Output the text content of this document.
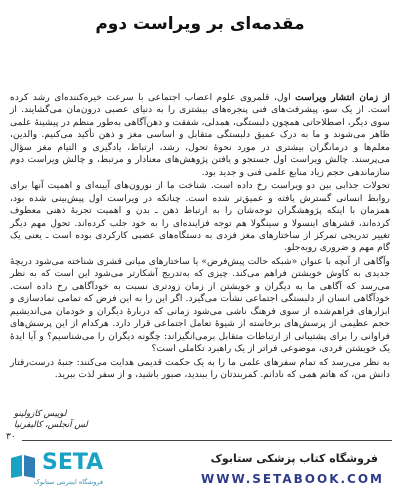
مقدمه‌ای بر ویراست دوم

از زمان انتشار ویراست اول، قلمروی علوم اعصاب اجتماعی با سرعت خیره‌کننده‌ای رشد کرده است. از یک سو، پیشرفت‌های فنی پنجره‌های بیشتری را به دنیای عصبی درون‌مان می‌گشایند. از سوی دیگر، اصطلاحاتی همچون دلبستگی، همدلی، شفقت و ذهن‌آگاهی به‌طور منظم در پیشینهٔ علمی ظاهر می‌شوند و ما به درک عمیق دلبستگی متقابل و اساسی مغز و ذهن تأکید می‌کنیم. والدین، معلم‌ها و درمانگران بیشتری در مورد نحوهٔ تحول، رشد، ارتباط، یادگیری و التیام مغز سؤال می‌پرسند. چالش ویراست اول جستجو و یافتن پژوهش‌های معنادار و مرتبط، و چالش ویراست دوم سازماندهی حجم زیاد منابع علمی فنی و جدید بود.

تحولات جذابی بین دو ویراست رخ داده است. شناخت ما از نورون‌های آیینه‌ای و اهمیت آنها برای روابط انسانی گسترش یافته و عمیق‌تر شده است. چنانکه در ویراست اول پیش‌بینی شده بود، همزمان با اینکه پژوهشگران توجه‌شان را به ارتباط ذهن ـ بدن و اهمیت تجربهٔ ذهنی معطوف کرده‌اند، قشرهای اینسولا و سینگولا هم توجه فزاینده‌ای را به خود جلب کرده‌اند. تحول مهم دیگر تغییر تدریجی تمرکز از ساختارهای مغز فردی به دستگاه‌های عصبی کارکردی بوده است ـ یعنی یک گام مهم و ضروری روبه‌جلو.

وآگاهی از آنچه با عنوان «شبکه حالت پیش‌فرض» یا ساختارهای میانی قشری شناخته می‌شود دریچهٔ جدیدی به کاوش خویشتن فراهم می‌کند. چیزی که به‌تدریج آشکارتر می‌شود این است که به نظر می‌رسد که آگاهی ما به دیگران و خویشتن از زمان زودتری نسبت به خودآگاهی رخ داده است. خودآگاهی انسان از دلبستگی اجتماعی نشأت می‌گیرد. اگر این را به این فرض که تمامی نمادسازی و ابزارهای فراهم‌شده از سوی فرهنگ ناشی می‌شود زمانی که دربارهٔ دیگران و خودمان می‌اندیشیم حجم عظیمی از پرسش‌های برخاسته از شیوهٔ تعامل اجتماعی قرار دارد. هرکدام از این پرسش‌های فراوانی را برای پشتیبانی از ارتباطات متقابل برمی‌انگیزاند: چگونه دیگران را می‌شناسیم؟ و آیا ایدهٔ یک خویشتن فردی، موضوعی فراتر از یک راهبرد تکاملی است؟

به نظر می‌رسد که تمام سفرهای علمی ما را به یک حکمت قدیمی هدایت می‌کنند: جنبهٔ درست‌رفتار دانش من، که هاتم همی که نادانم. کمربندتان را ببندید، صبور باشید، و از سفر لذت ببرید.

لوییس کازولینو
لس آنجلس، کالیفرنیا
۳۰
SETA
فروشگاه اینترنتی ستابوک
فروشگاه کتاب پزشکی ستابوک
WWW.SETABOOK.COM
